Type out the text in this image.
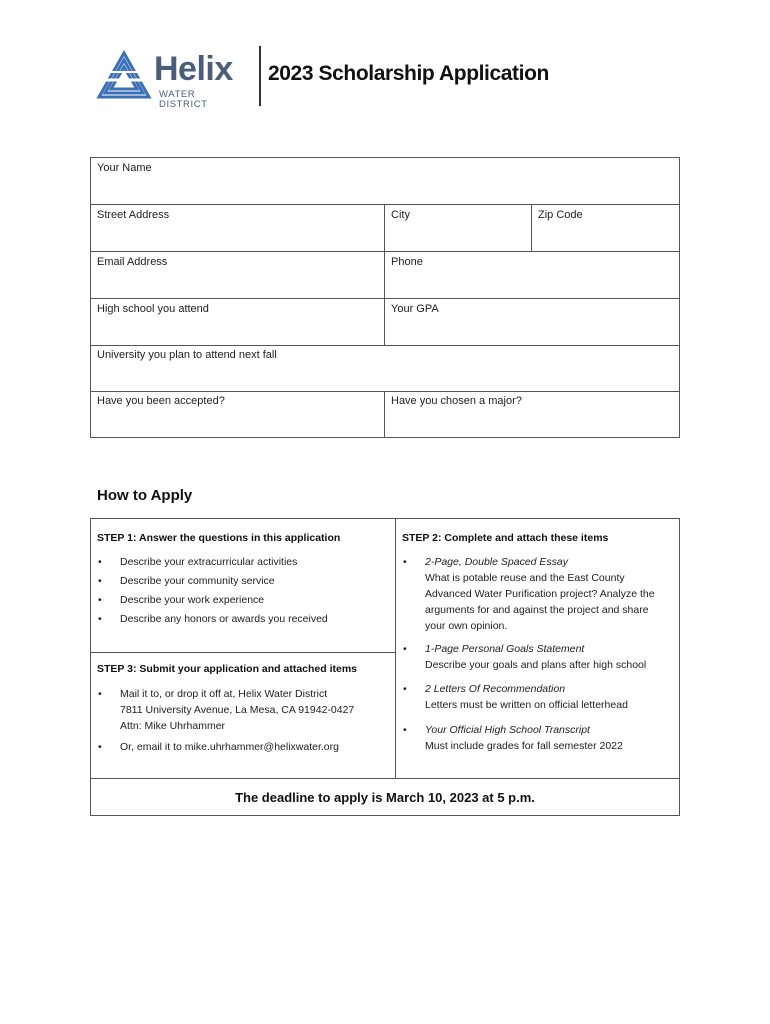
Helix
WATER DISTRICT
2023 Scholarship Application
Your Name
Street Address	City	Zip Code
Email Address	Phone
High school you attend	Your GPA
University you plan to attend next fall
Have you been accepted?	Have you chosen a major?
How to Apply
STEP 1: Answer the questions in this application
• Describe your extracurricular activities
• Describe your community service
• Describe your work experience
• Describe any honors or awards you received
STEP 3: Submit your application and attached items
• Mail it to, or drop it off at, Helix Water District
7811 University Avenue, La Mesa, CA 91942-0427
Attn: Mike Uhrhammer
• Or, email it to mike.uhrhammer@helixwater.org
STEP 2: Complete and attach these items
• 2-Page, Double Spaced Essay
What is potable reuse and the East County
Advanced Water Purification project? Analyze the
arguments for and against the project and share
your own opinion.
• 1-Page Personal Goals Statement
Describe your goals and plans after high school
• 2 Letters Of Recommendation
Letters must be written on official letterhead
• Your Official High School Transcript
Must include grades for fall semester 2022
The deadline to apply is March 10, 2023 at 5 p.m.
